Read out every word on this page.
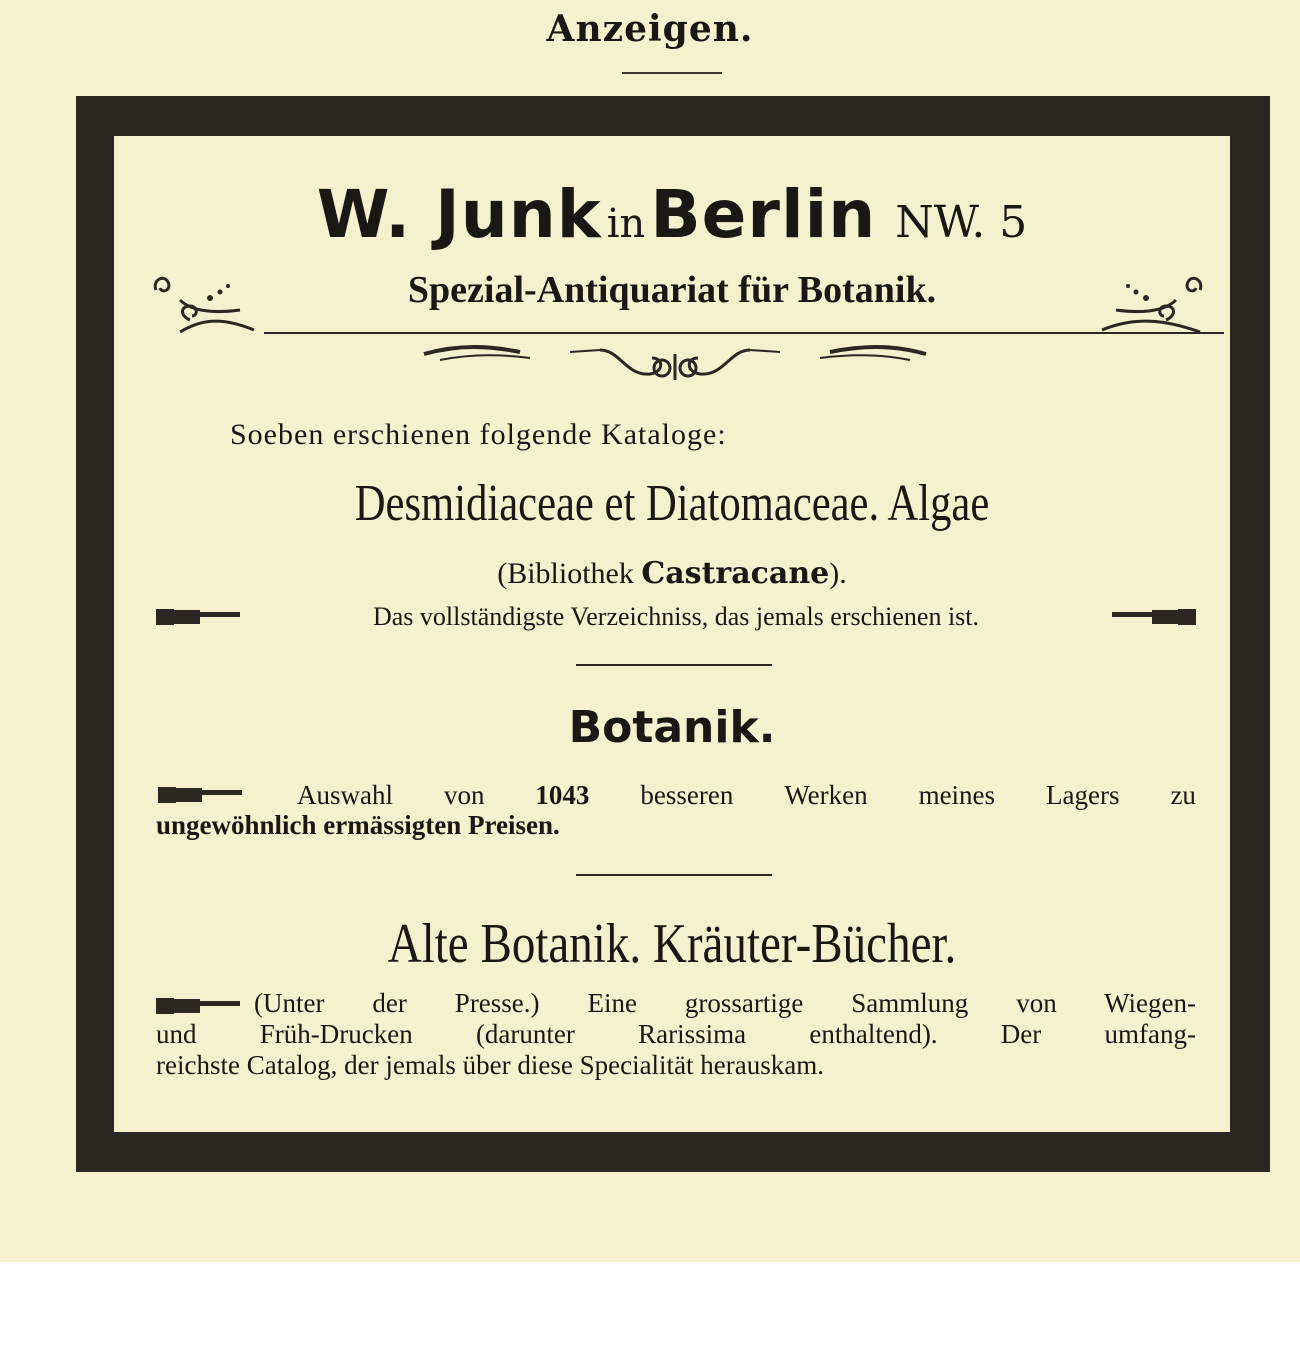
Anzeigen.
W. Junk in Berlin NW. 5
Spezial-Antiquariat für Botanik.
Soeben erschienen folgende Kataloge:
Desmidiaceae et Diatomaceae. Algae
(Bibliothek Castracane).
Das vollständigste Verzeichniss, das jemals erschienen ist.
Botanik.
Auswahl von 1043 besseren Werken meines Lagers zu
ungewöhnlich ermässigten Preisen.
Alte Botanik. Kräuter-Bücher.
(Unter der Presse.) Eine grossartige Sammlung von Wiegen-
und Früh-Drucken (darunter Rarissima enthaltend). Der umfang-
reichste Catalog, der jemals über diese Specialität herauskam.
